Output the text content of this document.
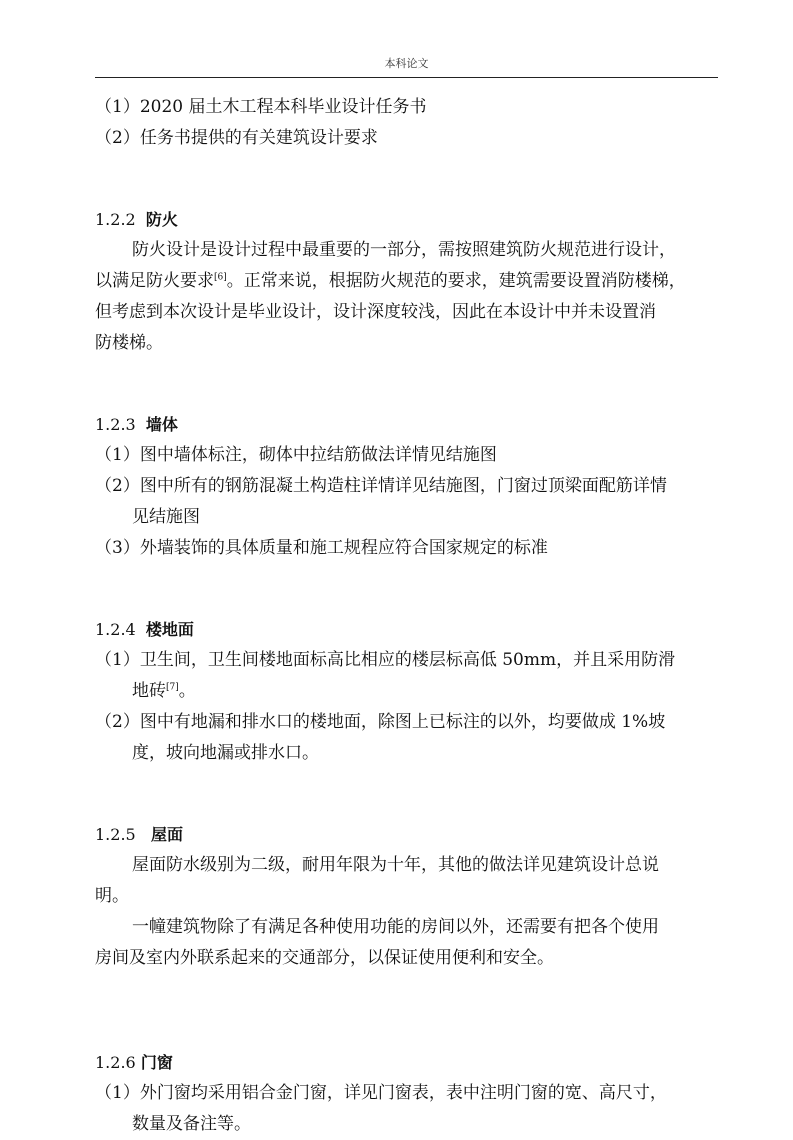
本科论文
（1）2020 届土木工程本科毕业设计任务书
（2）任务书提供的有关建筑设计要求
1.2.2 防火
防火设计是设计过程中最重要的一部分，需按照建筑防火规范进行设计，
以满足防火要求[6]。正常来说，根据防火规范的要求，建筑需要设置消防楼梯，
但考虑到本次设计是毕业设计，设计深度较浅，因此在本设计中并未设置消
防楼梯。
1.2.3 墙体
（1）图中墙体标注，砌体中拉结筋做法详情见结施图
（2）图中所有的钢筋混凝土构造柱详情详见结施图，门窗过顶梁面配筋详情
见结施图
（3）外墙装饰的具体质量和施工规程应符合国家规定的标准
1.2.4 楼地面
（1）卫生间，卫生间楼地面标高比相应的楼层标高低 50mm，并且采用防滑
地砖[7]。
（2）图中有地漏和排水口的楼地面，除图上已标注的以外，均要做成 1%坡
度，坡向地漏或排水口。
1.2.5 屋面
屋面防水级别为二级，耐用年限为十年，其他的做法详见建筑设计总说
明。
一幢建筑物除了有满足各种使用功能的房间以外，还需要有把各个使用
房间及室内外联系起来的交通部分，以保证使用便利和安全。
1.2.6 门窗
（1）外门窗均采用铝合金门窗，详见门窗表，表中注明门窗的宽、高尺寸，
数量及备注等。
